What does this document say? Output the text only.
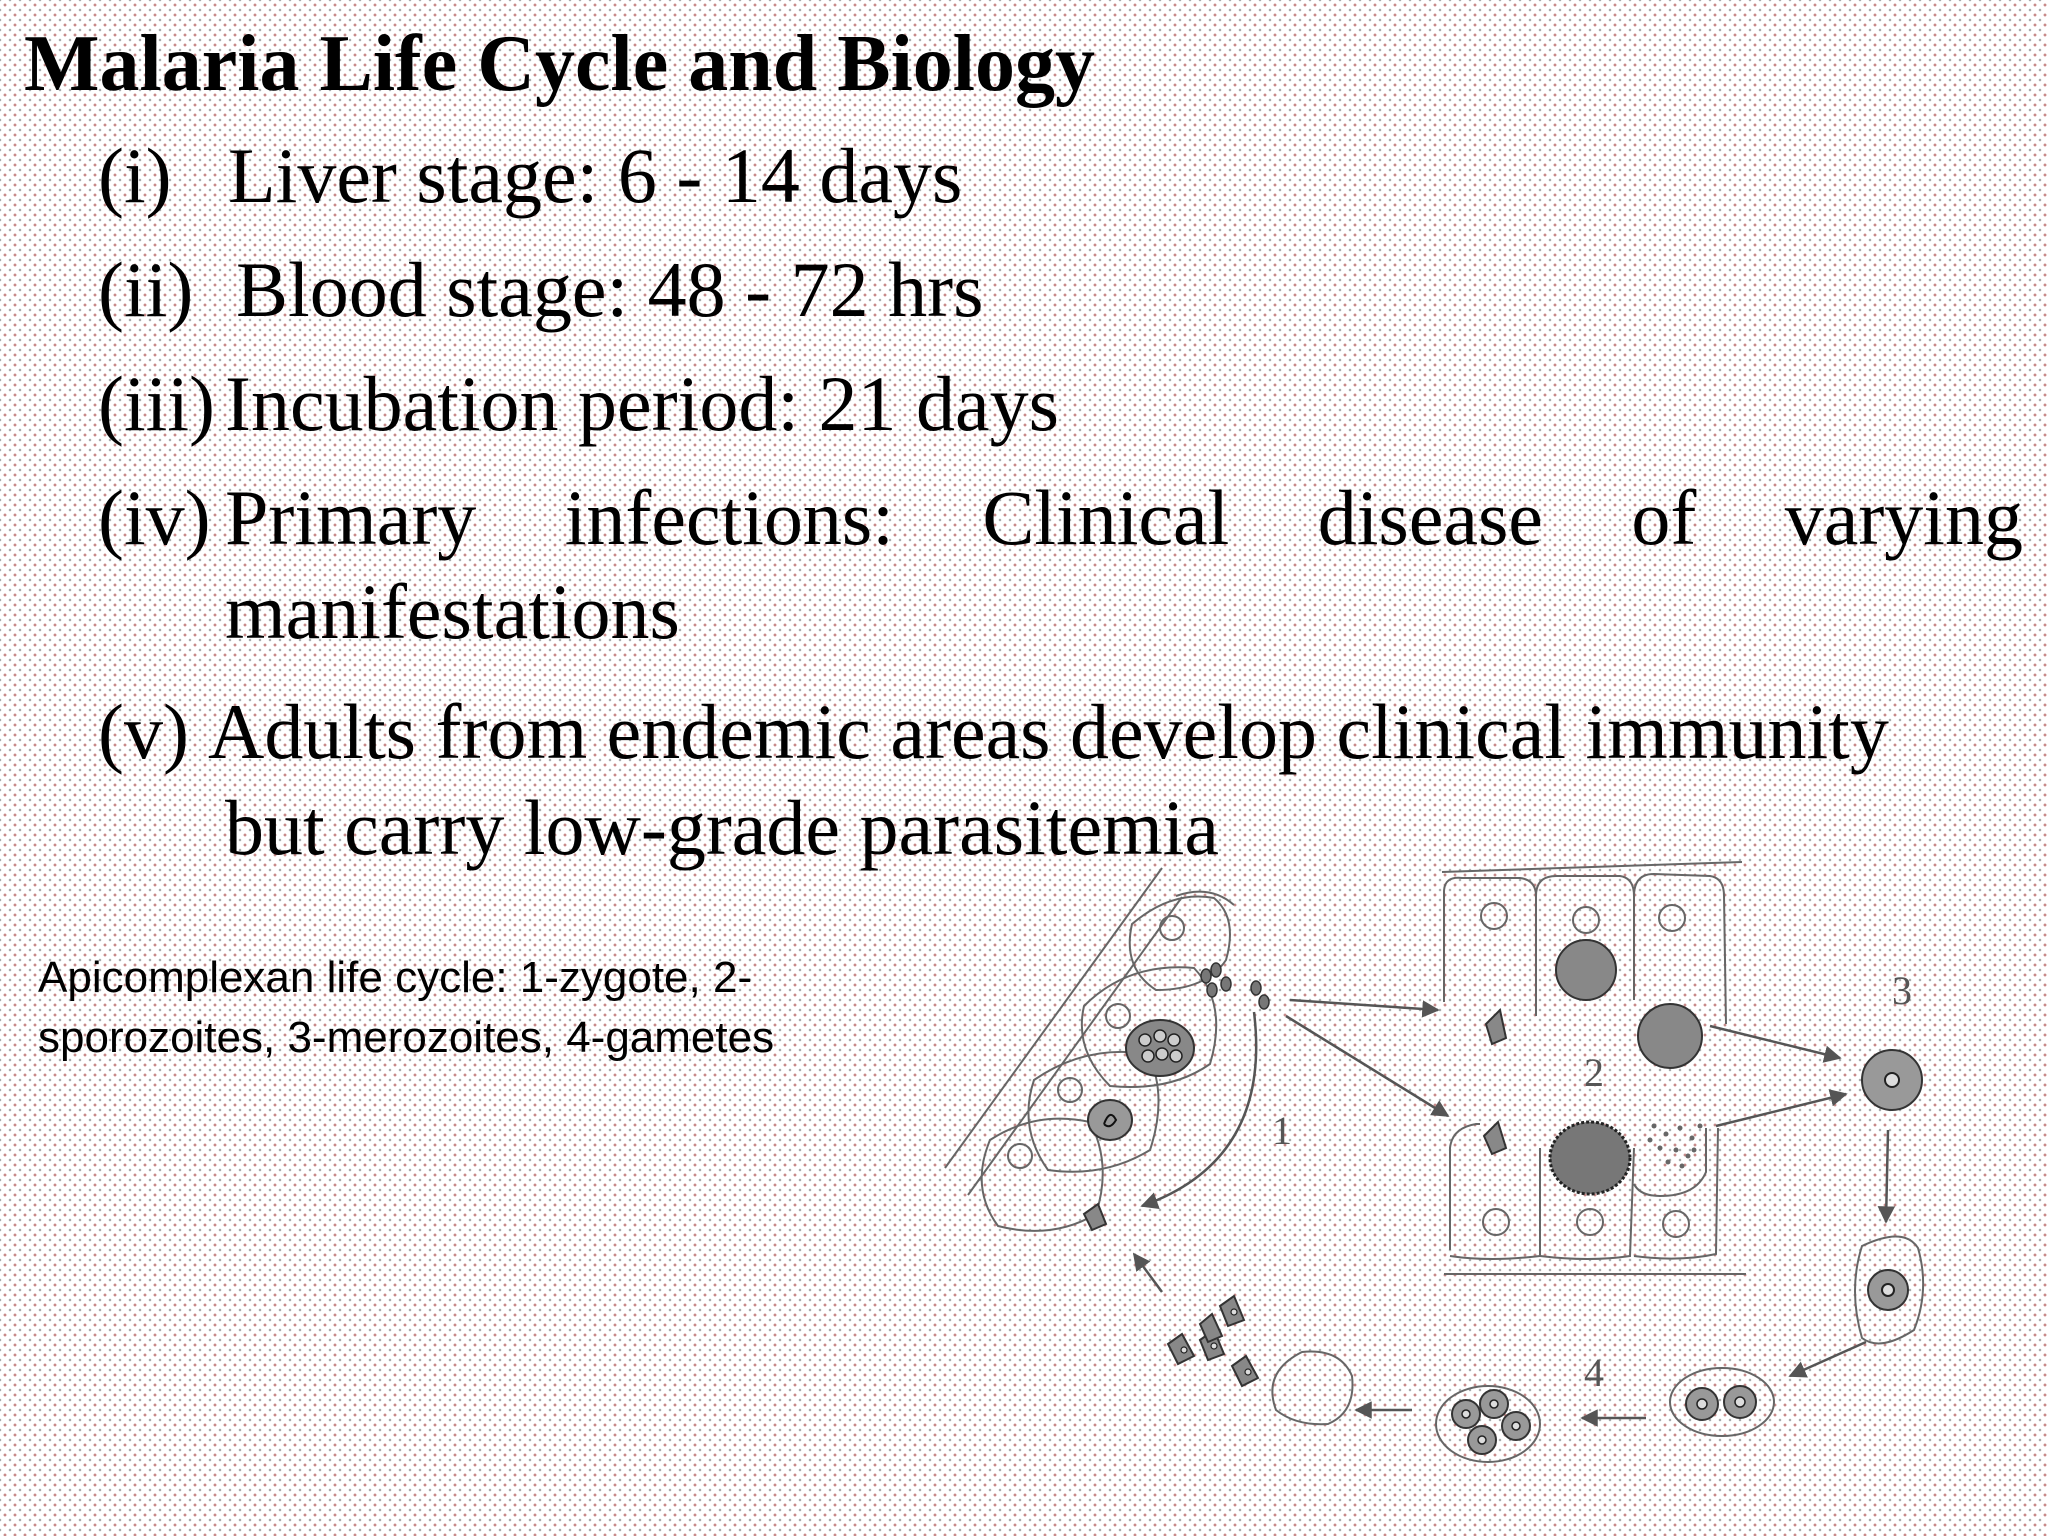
Malaria Life Cycle and Biology
(i) Liver stage: 6 - 14 days
(ii) Blood stage: 48 - 72 hrs
(iii) Incubation period: 21 days
(iv) Primary infections: Clinical disease of varying
manifestations
(v) Adults from endemic areas develop clinical immunity
but carry low-grade parasitemia

Apicomplexan life cycle: 1-zygote, 2-sporozoites, 3-merozoites, 4-gametes

1
2
3
4
